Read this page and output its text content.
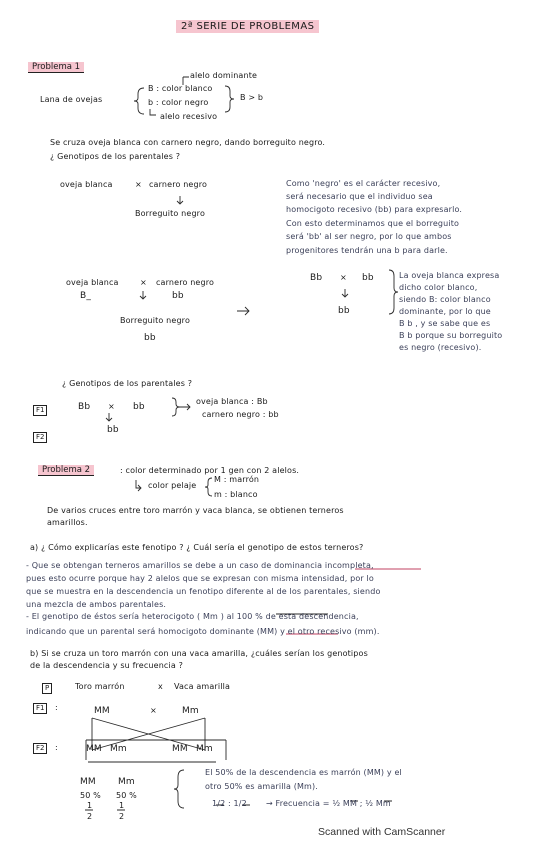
2ª SERIE DE PROBLEMAS
Problema 1
alelo dominante
Lana de ovejas
B : color blanco
b : color negro
B > b
alelo recesivo
Se cruza oveja blanca con carnero negro, dando borreguito negro.
¿ Genotipos de los parentales ?
oveja blanca	× carnero negro
Borreguito negro
Como 'negro' es el carácter recesivo,
será necesario que el individuo sea
homocigoto recesivo (bb) para expresarlo.
Con esto determinamos que el borreguito
será 'bb' al ser negro, por lo que ambos
progenitores tendrán una b para darle.
oveja blanca	× carnero negro
B_	bb
Borreguito negro
bb
Bb × bb
bb
La oveja blanca expresa
dicho color blanco,
siendo B: color blanco
dominante, por lo que
B b , y se sabe que es
B b porque su borreguito
es negro (recesivo).
¿ Genotipos de los parentales ?
F1
F2
Bb × bb
bb
oveja blanca : Bb
carnero negro : bb
Problema 2	: color determinado por 1 gen con 2 alelos.
color pelaje
M : marrón
m : blanco
De varios cruces entre toro marrón y vaca blanca, se obtienen terneros
amarillos.
a) ¿ Cómo explicarías este fenotipo ? ¿ Cuál sería el genotipo de estos terneros?
- Que se obtengan terneros amarillos se debe a un caso de dominancia incompleta,
pues esto ocurre porque hay 2 alelos que se expresan con misma intensidad, por lo
que se muestra en la descendencia un fenotipo diferente al de los parentales, siendo
una mezcla de ambos parentales.
- El genotipo de éstos sería heterocigoto ( Mm ) al 100 % de esta descendencia,
indicando que un parental será homocigoto dominante (MM) y el otro recesivo (mm).
b) Si se cruza un toro marrón con una vaca amarilla, ¿cuáles serían los genotipos
de la descendencia y su frecuencia ?
P	Toro marrón	x Vaca amarilla
F1	:	MM	×	Mm
F2	:	MM Mm	MM Mm
MM Mm
50 % 50 %
1
2
1
2
El 50% de la descendencia es marrón (MM) y el
otro 50% es amarilla (Mm).
1/2 : 1/2 → Frecuencia = ½ MM ; ½ Mm
Scanned with CamScanner
